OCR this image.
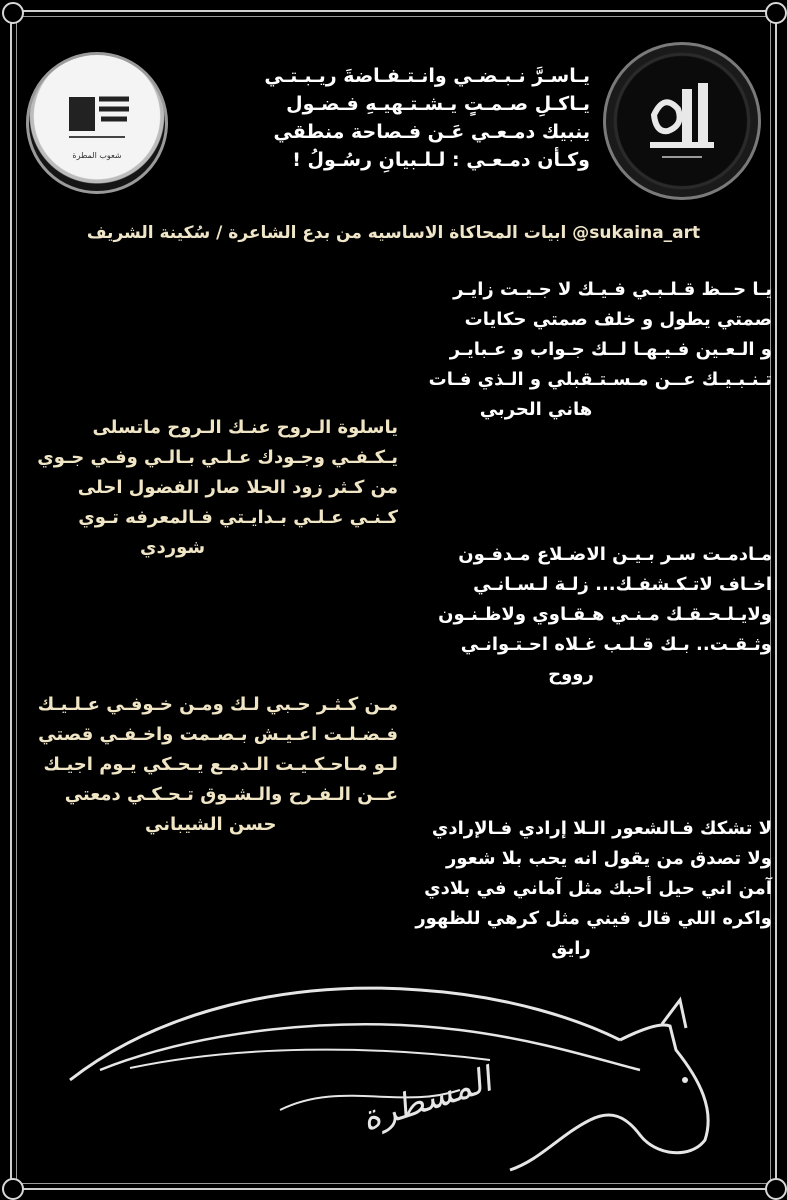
شعوب المطرة
يـاسـرَّ نـبـضـي وانـتـفـاضةَ ريـبـتـي
يـاكـلِ صـمـتٍ يـشـتـهيـهِ فـضـول
ينبيك دمـعـي عَـن فـصاحة منطقي
وكـأن دمـعـي : لـلـبيانِ رسُـولُ !
ابيات المحاكاة الاساسيه من بدع الشاعرة / سُكينة الشريف @sukaina_art
يـا حــظ قـلـبـي فـيـك لا جـيـت زايـر
صمتي يطول و خلف صمتي حكايات
و الـعـين فـيـهـا لــك جـواب و عـبايـر
تـنـبـيـك عــن مـسـتـقبلي و الـذي فـات
هاني الحربي
ياسلوة الـروح عنـك الـروح ماتسلى
يـكـفـي وجـودك عـلـي بـالـي وفـي جـوي
من كـثر زود الحلا صار الفضول احلى
كـنـي عـلـي بـدايـتي فـالمعرفه تـوي
شوردي	مـادمـت سـر بـيـن الاضـلاع مـدفـون
اخـاف لاتـكـشفـك... زلـة لـسـانـي
ولايـلـحـقـك مـنـي هـقـاوي ولاظـنـون
وثـقـت.. بـك قـلـب غـلاه احـتـوانـي
رووح
مـن كـثـر حـبي لـك ومـن خـوفـي عـلـيـك
فـضـلـت اعـيـش بـصـمت واخـفـي قصتي
لـو مـاحـكـيـت الـدمـع يـحـكي يـوم اجيـك
عــن الـفـرح والـشـوق تـحـكـي دمعتي
حسن الشيباني	لا تشكك فـالشعور الـلا إرادي فـالإرادي
ولا تصدق من يقول انه يحب بلا شعور
آمن اني حيل أحبك مثل آماني في بلادي
واكره اللي قال فيني مثل كرهي للظهور
رايق
المسطرة
